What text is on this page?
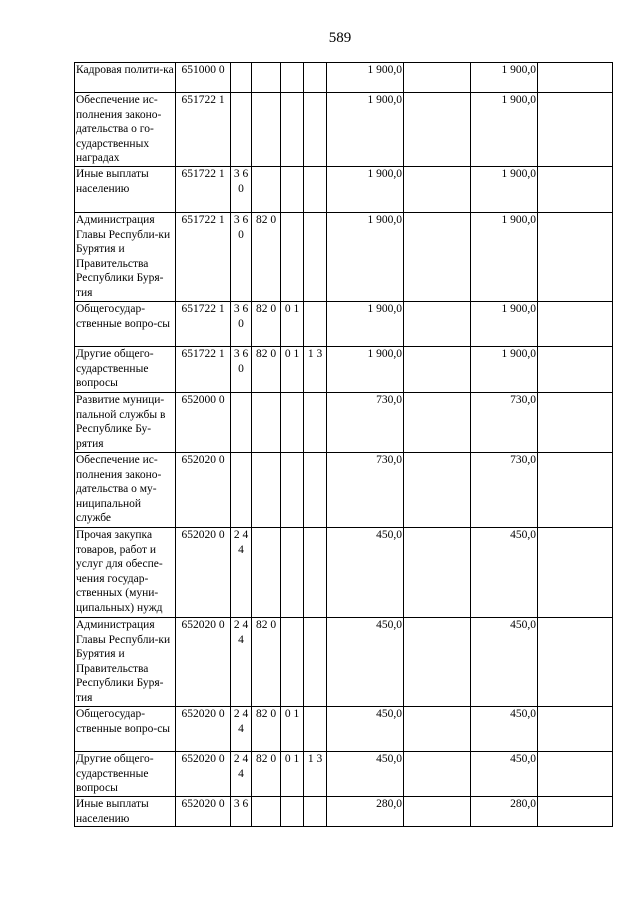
589
Кадровая полити-ка	651000 0					1 900,0		1 900,0	
Обеспечение ис-полнения законо-дательства о го-сударственных наградах	651722 1					1 900,0		1 900,0	
Иные выплаты населению	651722 1	3 6 0				1 900,0		1 900,0	
Администрация Главы Республи-ки Бурятия и Правительства Республики Буря-тия	651722 1	3 6 0	82 0			1 900,0		1 900,0	
Общегосудар-ственные вопро-сы	651722 1	3 6 0	82 0	0 1		1 900,0		1 900,0	
Другие общего-сударственные вопросы	651722 1	3 6 0	82 0	0 1	1 3	1 900,0		1 900,0	
Развитие муници-пальной службы в Республике Бу-рятия	652000 0					730,0		730,0	
Обеспечение ис-полнения законо-дательства о му-ниципальной службе	652020 0					730,0		730,0	
Прочая закупка товаров, работ и услуг для обеспе-чения государ-ственных (муни-ципальных) нужд	652020 0	2 4 4				450,0		450,0	
Администрация Главы Республи-ки Бурятия и Правительства Республики Буря-тия	652020 0	2 4 4	82 0			450,0		450,0	
Общегосудар-ственные вопро-сы	652020 0	2 4 4	82 0	0 1		450,0		450,0	
Другие общего-сударственные вопросы	652020 0	2 4 4	82 0	0 1	1 3	450,0		450,0	
Иные выплаты населению	652020 0	3 6				280,0		280,0	
